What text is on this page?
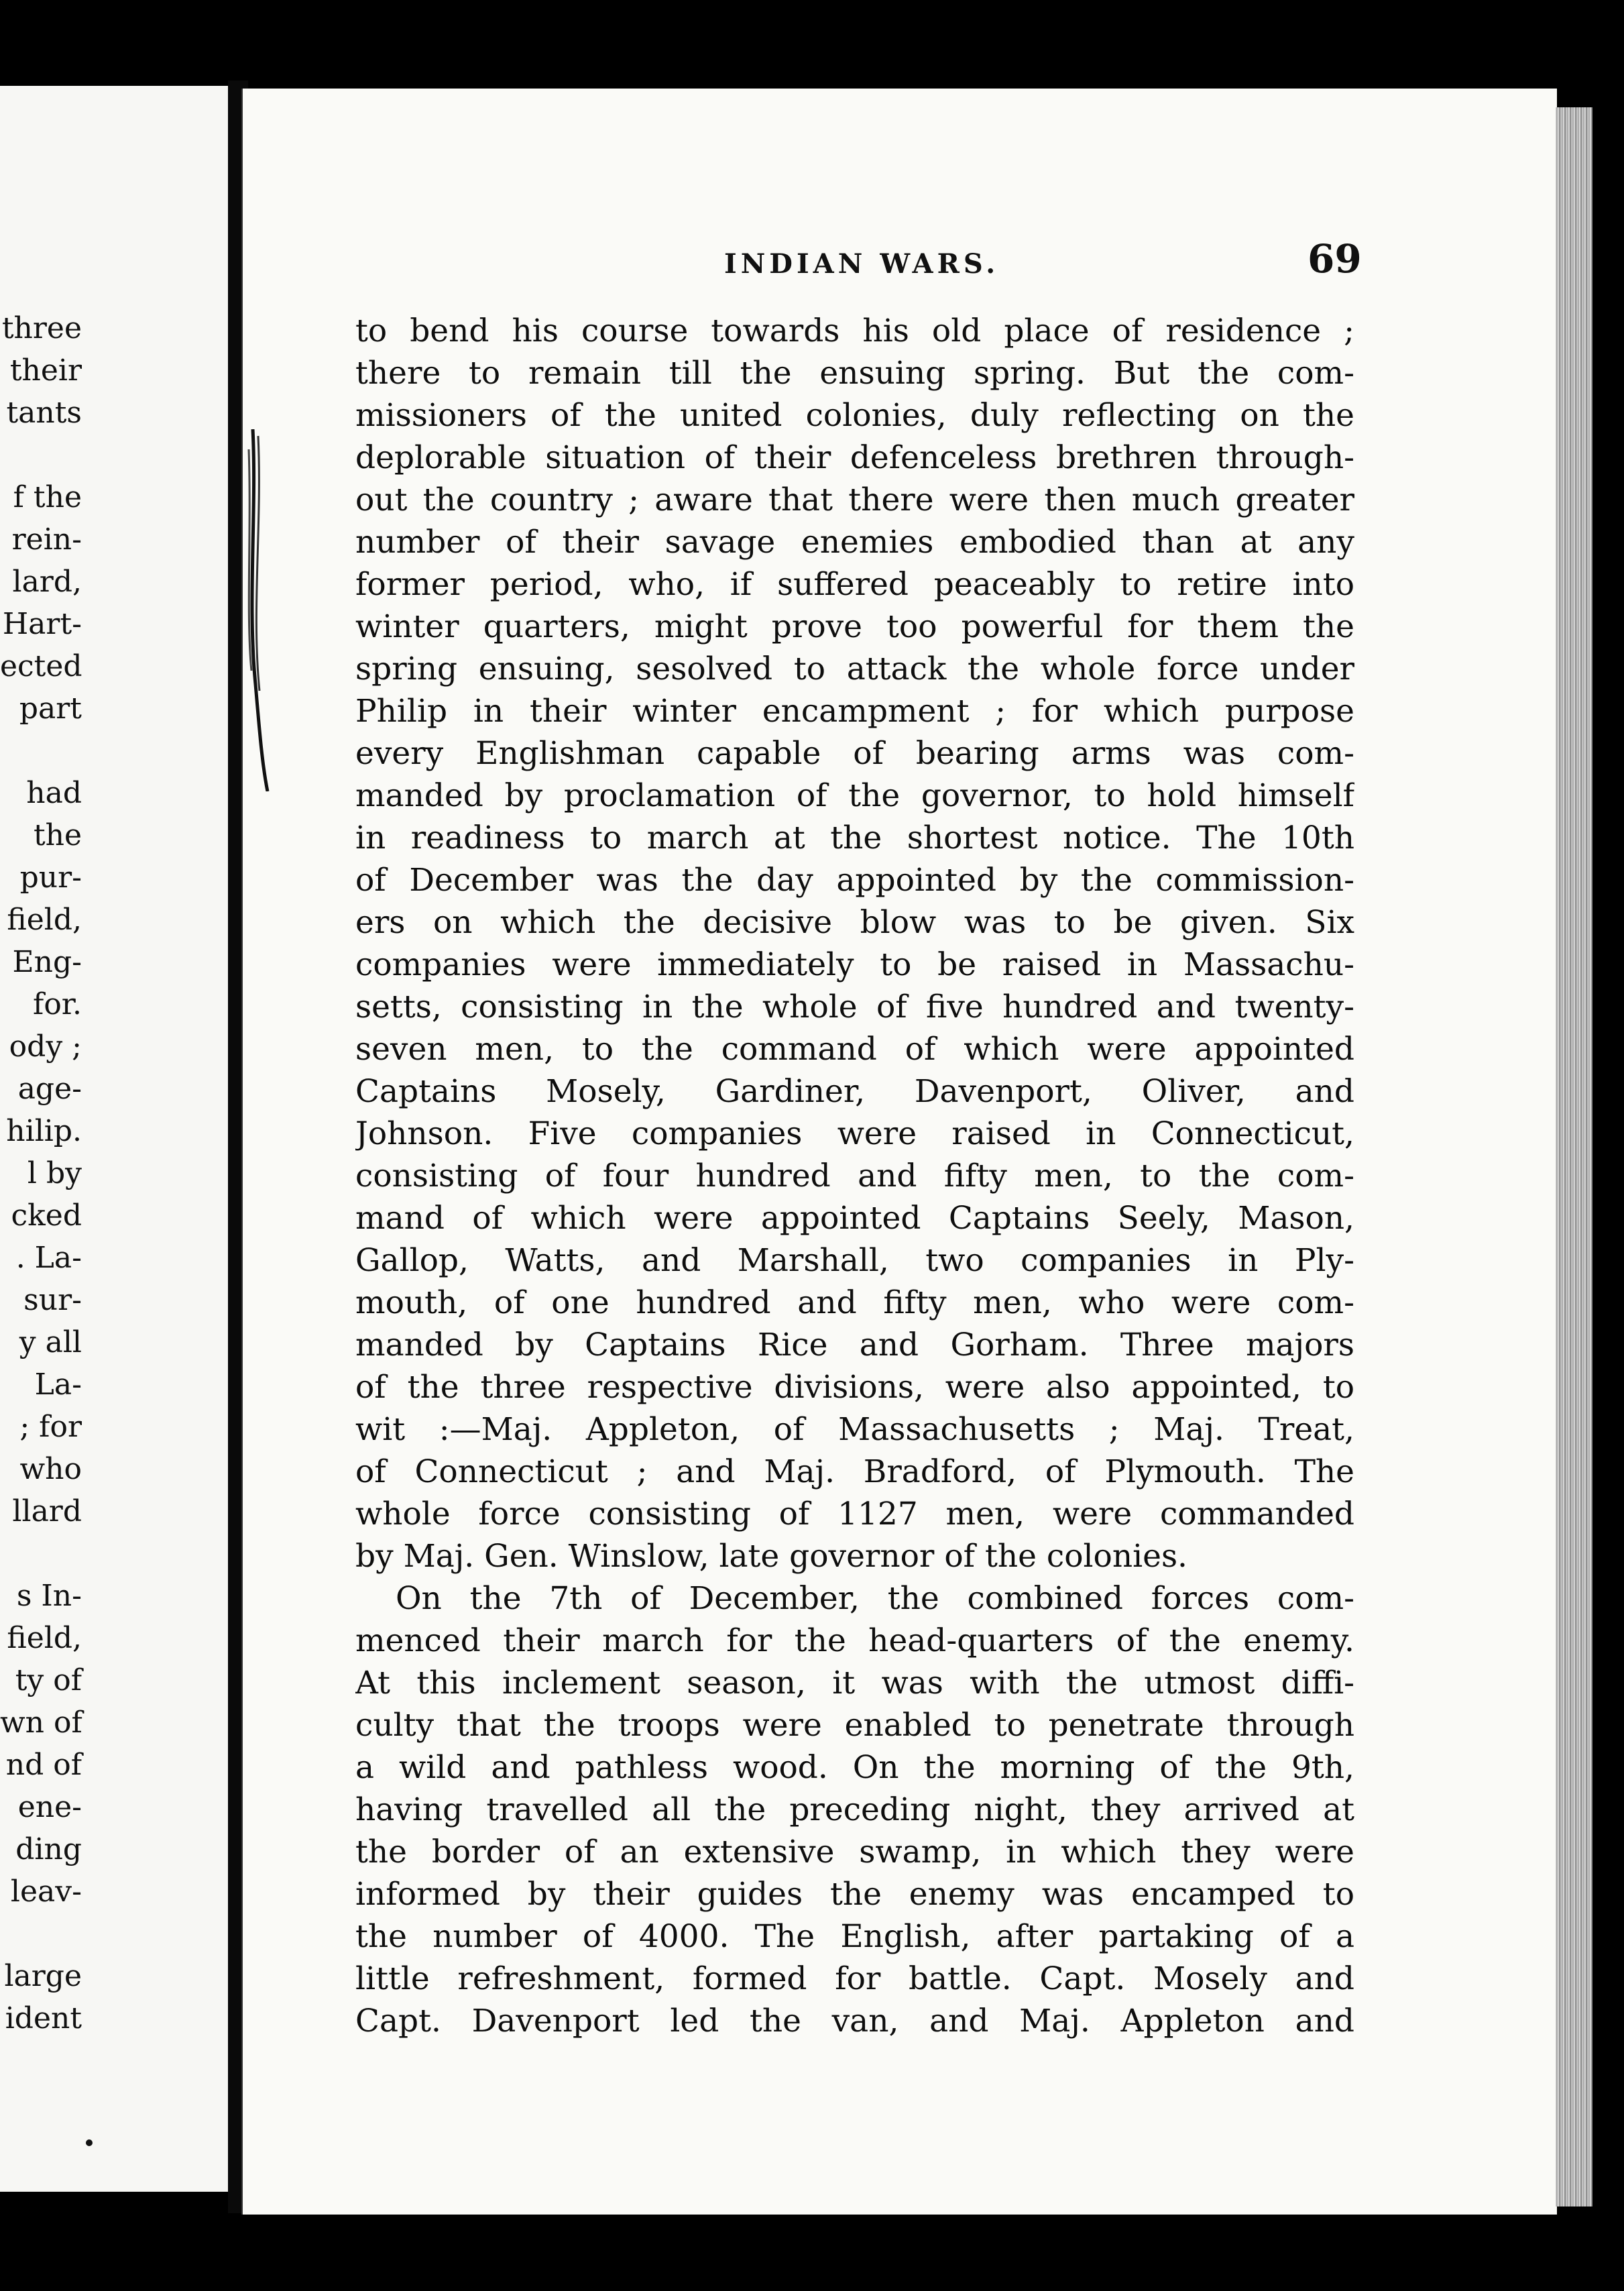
three
their
tants
f the
rein-
lard,
Hart-
ected
part
had
the
pur-
field,
Eng-
for.
ody ;
age-
hilip.
l by
cked
. La-
sur-
y all
La-
; for
who
llard
s In-
field,
ty of
wn of
nd of
ene-
ding
leav-
large
ident
INDIAN WARS.	69
to bend his course towards his old place of residence ;
there to remain till the ensuing spring. But the com-
missioners of the united colonies, duly reflecting on the
deplorable situation of their defenceless brethren through-
out the country ; aware that there were then much greater
number of their savage enemies embodied than at any
former period, who, if suffered peaceably to retire into
winter quarters, might prove too powerful for them the
spring ensuing, sesolved to attack the whole force under
Philip in their winter encampment ; for which purpose
every Englishman capable of bearing arms was com-
manded by proclamation of the governor, to hold himself
in readiness to march at the shortest notice. The 10th
of December was the day appointed by the commission-
ers on which the decisive blow was to be given. Six
companies were immediately to be raised in Massachu-
setts, consisting in the whole of five hundred and twenty-
seven men, to the command of which were appointed
Captains Mosely, Gardiner, Davenport, Oliver, and
Johnson. Five companies were raised in Connecticut,
consisting of four hundred and fifty men, to the com-
mand of which were appointed Captains Seely, Mason,
Gallop, Watts, and Marshall, two companies in Ply-
mouth, of one hundred and fifty men, who were com-
manded by Captains Rice and Gorham. Three majors
of the three respective divisions, were also appointed, to
wit :—Maj. Appleton, of Massachusetts ; Maj. Treat,
of Connecticut ; and Maj. Bradford, of Plymouth. The
whole force consisting of 1127 men, were commanded
by Maj. Gen. Winslow, late governor of the colonies.
On the 7th of December, the combined forces com-
menced their march for the head-quarters of the enemy.
At this inclement season, it was with the utmost diffi-
culty that the troops were enabled to penetrate through
a wild and pathless wood. On the morning of the 9th,
having travelled all the preceding night, they arrived at
the border of an extensive swamp, in which they were
informed by their guides the enemy was encamped to
the number of 4000. The English, after partaking of a
little refreshment, formed for battle. Capt. Mosely and
Capt. Davenport led the van, and Maj. Appleton and
